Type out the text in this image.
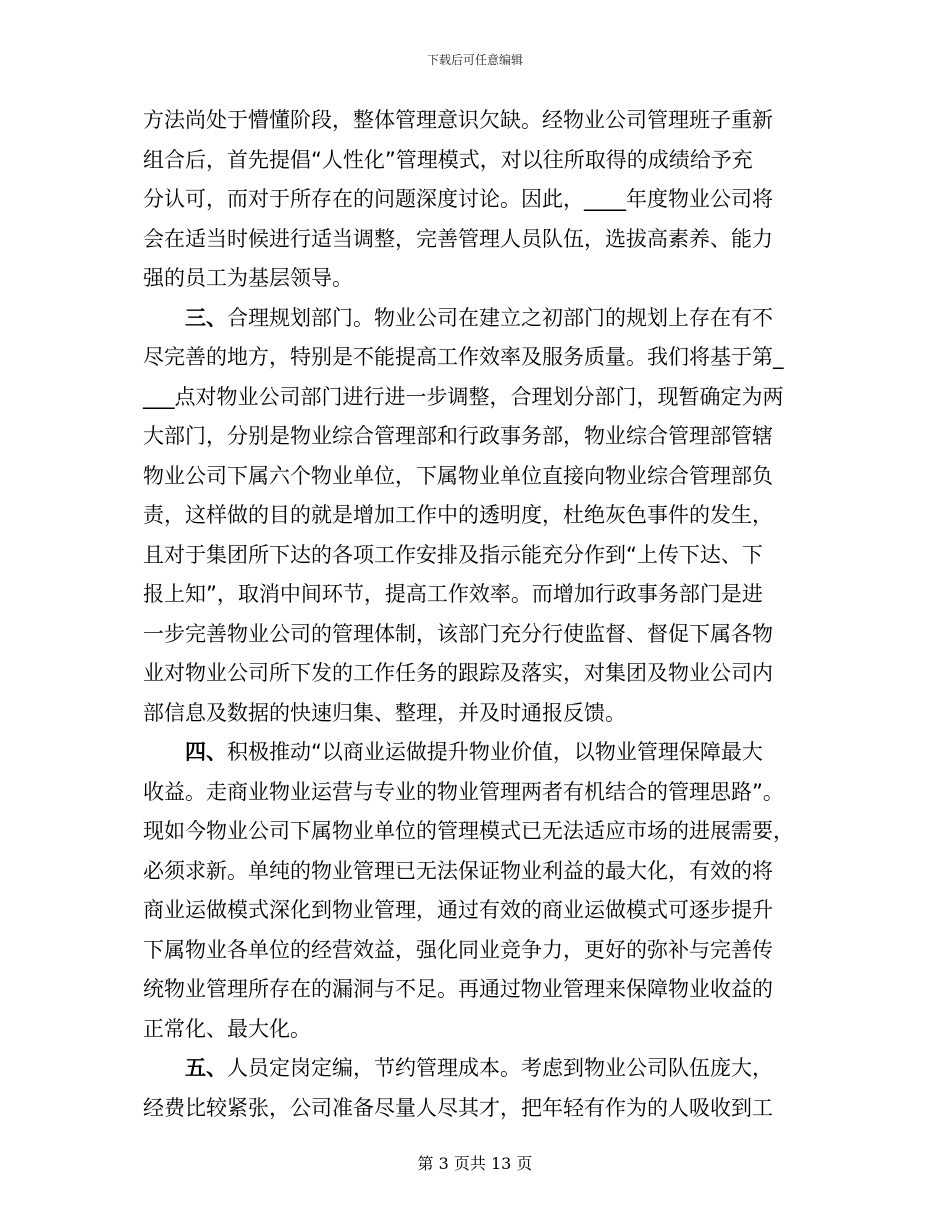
下载后可任意编辑
方法尚处于懵懂阶段，整体管理意识欠缺。经物业公司管理班子重新
组合后，首先提倡“人性化”管理模式，对以往所取得的成绩给予充
分认可，而对于所存在的问题深度讨论。因此，____年度物业公司将
会在适当时候进行适当调整，完善管理人员队伍，选拔高素养、能力
强的员工为基层领导。
三、合理规划部门。物业公司在建立之初部门的规划上存在有不
尽完善的地方，特别是不能提高工作效率及服务质量。我们将基于第_
___点对物业公司部门进行进一步调整，合理划分部门，现暂确定为两
大部门，分别是物业综合管理部和行政事务部，物业综合管理部管辖
物业公司下属六个物业单位，下属物业单位直接向物业综合管理部负
责，这样做的目的就是增加工作中的透明度，杜绝灰色事件的发生，
且对于集团所下达的各项工作安排及指示能充分作到“上传下达、下
报上知”，取消中间环节，提高工作效率。而增加行政事务部门是进
一步完善物业公司的管理体制，该部门充分行使监督、督促下属各物
业对物业公司所下发的工作任务的跟踪及落实，对集团及物业公司内
部信息及数据的快速归集、整理，并及时通报反馈。
四、积极推动“以商业运做提升物业价值，以物业管理保障最大
收益。走商业物业运营与专业的物业管理两者有机结合的管理思路”。
现如今物业公司下属物业单位的管理模式已无法适应市场的进展需要，
必须求新。单纯的物业管理已无法保证物业利益的最大化，有效的将
商业运做模式深化到物业管理，通过有效的商业运做模式可逐步提升
下属物业各单位的经营效益，强化同业竞争力，更好的弥补与完善传
统物业管理所存在的漏洞与不足。再通过物业管理来保障物业收益的
正常化、最大化。
五、人员定岗定编，节约管理成本。考虑到物业公司队伍庞大，
经费比较紧张，公司准备尽量人尽其才，把年轻有作为的人吸收到工
第 3 页共 13 页
